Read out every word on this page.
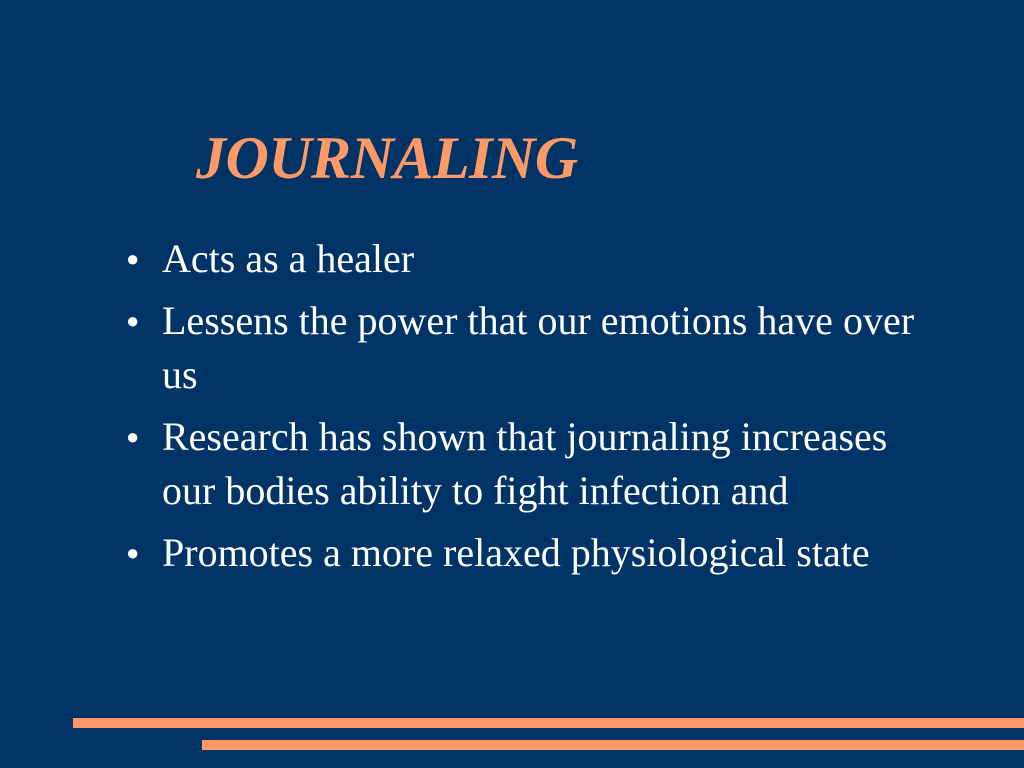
JOURNALING
● Acts as a healer
● Lessens the power that our emotions have over us
● Research has shown that journaling increases our bodies ability to fight infection and
● Promotes a more relaxed physiological state
